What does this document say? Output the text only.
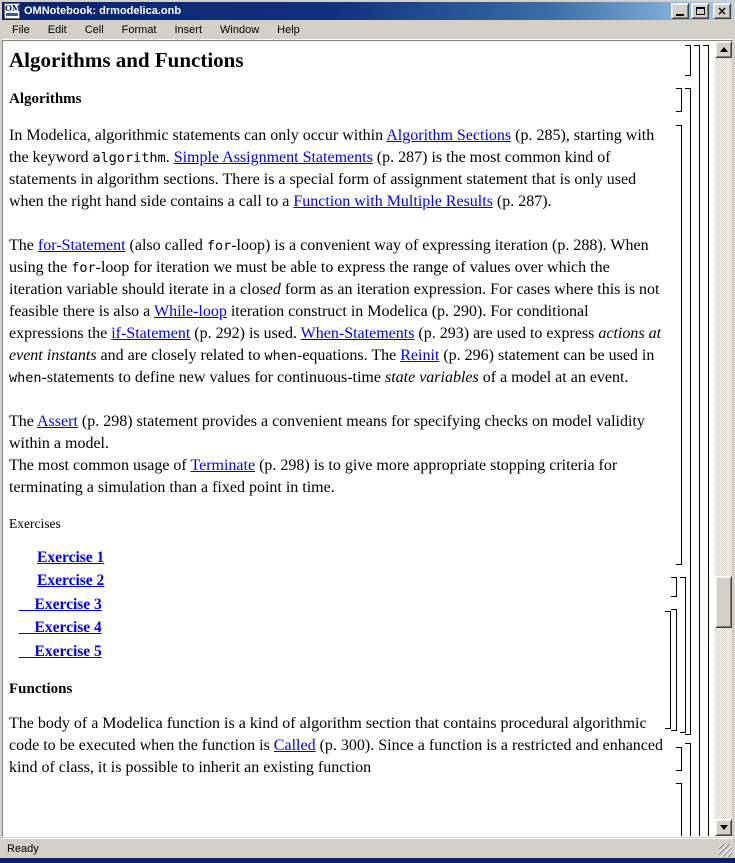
OM OMNotebook: drmodelica.onb	×
File	Edit	Cell	Format	Insert	Window	Help
Algorithms and Functions
Algorithms

In Modelica, algorithmic statements can only occur within Algorithm Sections (p. 285), starting with the keyword algorithm. Simple Assignment Statements (p. 287) is the most common kind of statements in algorithm sections. There is a special form of assignment statement that is only used when the right hand side contains a call to a Function with Multiple Results (p. 287).

The for-Statement (also called for-loop) is a convenient way of expressing iteration (p. 288). When using the for-loop for iteration we must be able to express the range of values over which the iteration variable should iterate in a closed form as an iteration expression. For cases where this is not feasible there is also a While-loop iteration construct in Modelica (p. 290). For conditional expressions the if-Statement (p. 292) is used. When-Statements (p. 293) are used to express actions at event instants and are closely related to when-equations. The Reinit (p. 296) statement can be used in when-statements to define new values for continuous-time state variables of a model at an event.

The Assert (p. 298) statement provides a convenient means for specifying checks on model validity within a model.
The most common usage of Terminate (p. 298) is to give more appropriate stopping criteria for terminating a simulation than a fixed point in time.

Exercises

Exercise 1
Exercise 2
Exercise 3
Exercise 4
Exercise 5
Functions

The body of a Modelica function is a kind of algorithm section that contains procedural algorithmic code to be executed when the function is Called (p. 300). Since a function is a restricted and enhanced kind of class, it is possible to inherit an existing function

Ready
